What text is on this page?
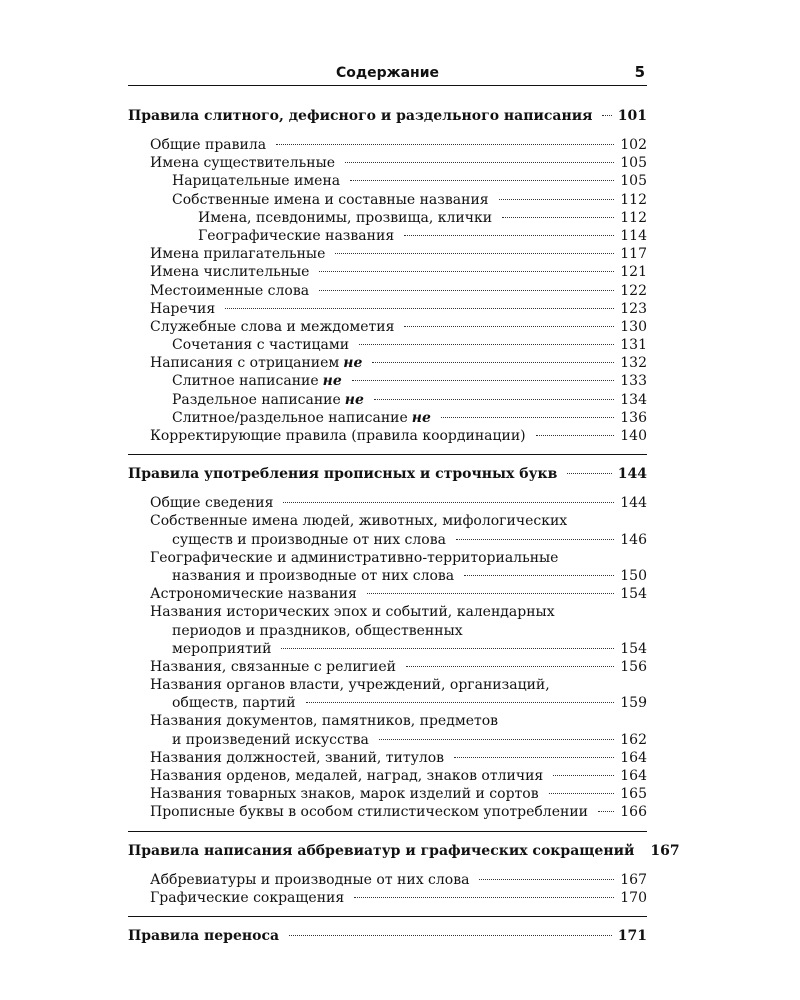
Содержание	5
Правила слитного, дефисного и раздельного написания 101
Общие правила	102
Имена существительные	105
Нарицательные имена	105
Собственные имена и составные названия	112
Имена, псевдонимы, прозвища, клички	112
Географические названия	114
Имена прилагательные	117
Имена числительные	121
Местоименные слова	122
Наречия	123
Служебные слова и междометия	130
Сочетания с частицами	131
Написания с отрицанием не	132
Слитное написание не	133
Раздельное написание не	134
Слитное/раздельное написание не	136
Корректирующие правила (правила координации)	140
Правила употребления прописных и строчных букв	144
Общие сведения	144
Собственные имена людей, животных, мифологических
существ и производные от них слова	146
Географические и административно-территориальные
названия и производные от них слова	150
Астрономические названия	154
Названия исторических эпох и событий, календарных
периодов и праздников, общественных
мероприятий	154
Названия, связанные с религией	156
Названия органов власти, учреждений, организаций,
обществ, партий	159
Названия документов, памятников, предметов
и произведений искусства	162
Названия должностей, званий, титулов	164
Названия орденов, медалей, наград, знаков отличия	164
Названия товарных знаков, марок изделий и сортов	165
Прописные буквы в особом стилистическом употреблении 166
Правила написания аббревиатур и графических сокращений 167
Аббревиатуры и производные от них слова	167
Графические сокращения	170
Правила переноса	171
